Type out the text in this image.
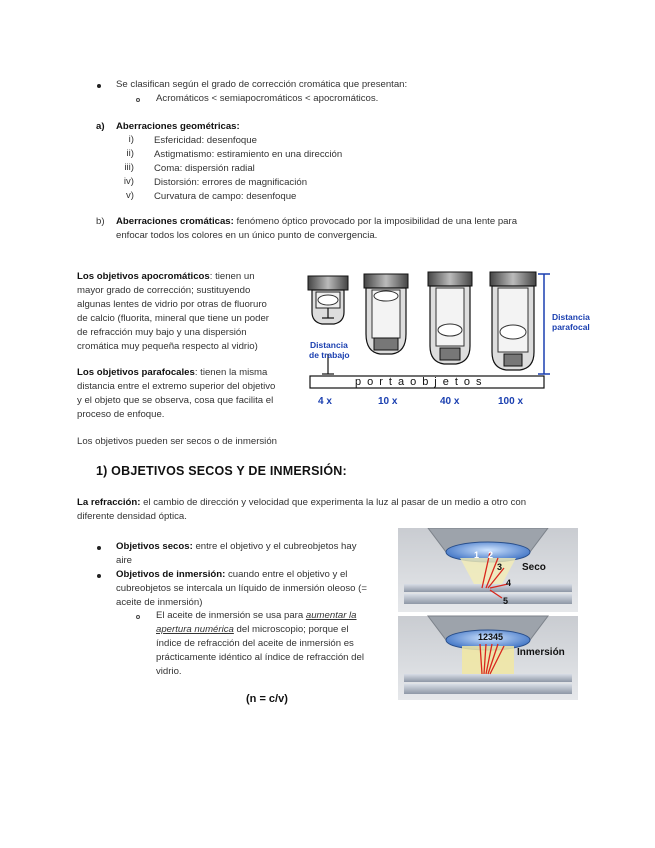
Se clasifican según el grado de corrección cromática que presentan:
Acromáticos < semiapocromáticos < apocromáticos.
a) Aberraciones geométricas:
i) Esfericidad: desenfoque
ii) Astigmatismo: estiramiento en una dirección
iii) Coma: dispersión radial
iv) Distorsión: errores de magnificación
v) Curvatura de campo: desenfoque
b) Aberraciones cromáticas: fenómeno óptico provocado por la imposibilidad de una lente para
enfocar todos los colores en un único punto de convergencia.
Los objetivos apocromáticos: tienen un
mayor grado de corrección; sustituyendo
algunas lentes de vidrio por otras de fluoruro
de calcio (fluorita, mineral que tiene un poder
de refracción muy bajo y una dispersión
cromática muy pequeña respecto al vidrio)
Los objetivos parafocales: tienen la misma
distancia entre el extremo superior del objetivo
y el objeto que se observa, cosa que facilita el
proceso de enfoque.
Los objetivos pueden ser secos o de inmersión
Distancia
de trabajo
Distancia
parafocal
portaobjetos
4 x	10 x	40 x	100 x
1) OBJETIVOS SECOS Y DE INMERSIÓN:
La refracción: el cambio de dirección y velocidad que experimenta la luz al pasar de un medio a otro con
diferente densidad óptica.
Objetivos secos: entre el objetivo y el cubreobjetos hay
aire
Objetivos de inmersión: cuando entre el objetivo y el
cubreobjetos se intercala un líquido de inmersión oleoso (=
aceite de inmersión)
El aceite de inmersión se usa para aumentar la
apertura numérica del microscopio; porque el
índice de refracción del aceite de inmersión es
prácticamente idéntico al índice de refracción del
vidrio.
(n = c/v)
1 2
3
4
5
Seco
12345
Inmersión
